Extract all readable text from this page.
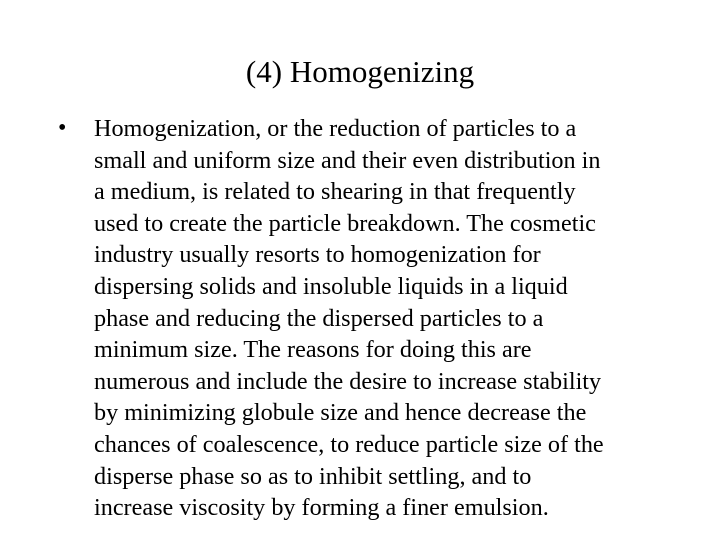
(4) Homogenizing
•	Homogenization, or the reduction of particles to a
small and uniform size and their even distribution in
a medium, is related to shearing in that frequently
used to create the particle breakdown. The cosmetic
industry usually resorts to homogenization for
dispersing solids and insoluble liquids in a liquid
phase and reducing the dispersed particles to a
minimum size. The reasons for doing this are
numerous and include the desire to increase stability
by minimizing globule size and hence decrease the
chances of coalescence, to reduce particle size of the
disperse phase so as to inhibit settling, and to
increase viscosity by forming a finer emulsion.
